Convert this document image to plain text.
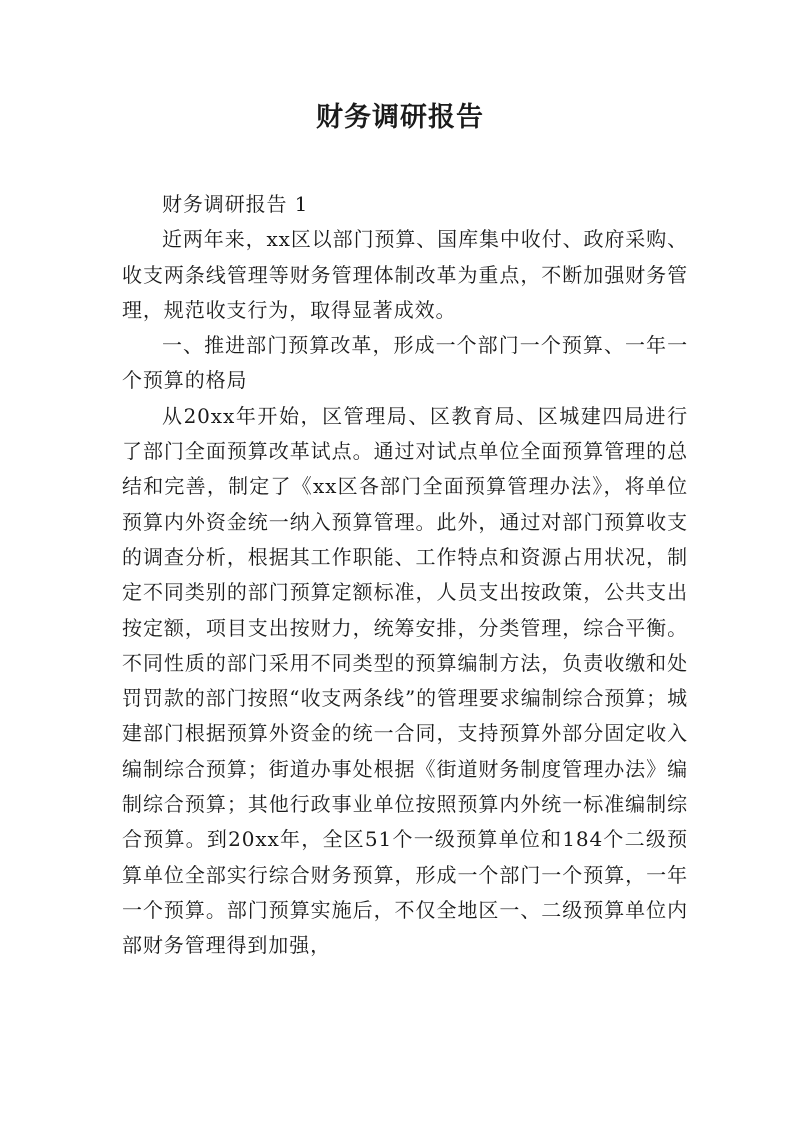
财务调研报告

财务调研报告 1

近两年来，xx区以部门预算、国库集中收付、政府采购、收支两条线管理等财务管理体制改革为重点，不断加强财务管理，规范收支行为，取得显著成效。

一、推进部门预算改革，形成一个部门一个预算、一年一个预算的格局

从20xx年开始，区管理局、区教育局、区城建四局进行了部门全面预算改革试点。通过对试点单位全面预算管理的总结和完善，制定了《xx区各部门全面预算管理办法》，将单位预算内外资金统一纳入预算管理。此外，通过对部门预算收支的调查分析，根据其工作职能、工作特点和资源占用状况，制定不同类别的部门预算定额标准，人员支出按政策，公共支出按定额，项目支出按财力，统筹安排，分类管理，综合平衡。不同性质的部门采用不同类型的预算编制方法，负责收缴和处罚罚款的部门按照“收支两条线”的管理要求编制综合预算；城建部门根据预算外资金的统一合同，支持预算外部分固定收入编制综合预算；街道办事处根据《街道财务制度管理办法》编制综合预算；其他行政事业单位按照预算内外统一标准编制综合预算。到20xx年，全区51个一级预算单位和184个二级预算单位全部实行综合财务预算，形成一个部门一个预算，一年一个预算。部门预算实施后，不仅全地区一、二级预算单位内部财务管理得到加强，
